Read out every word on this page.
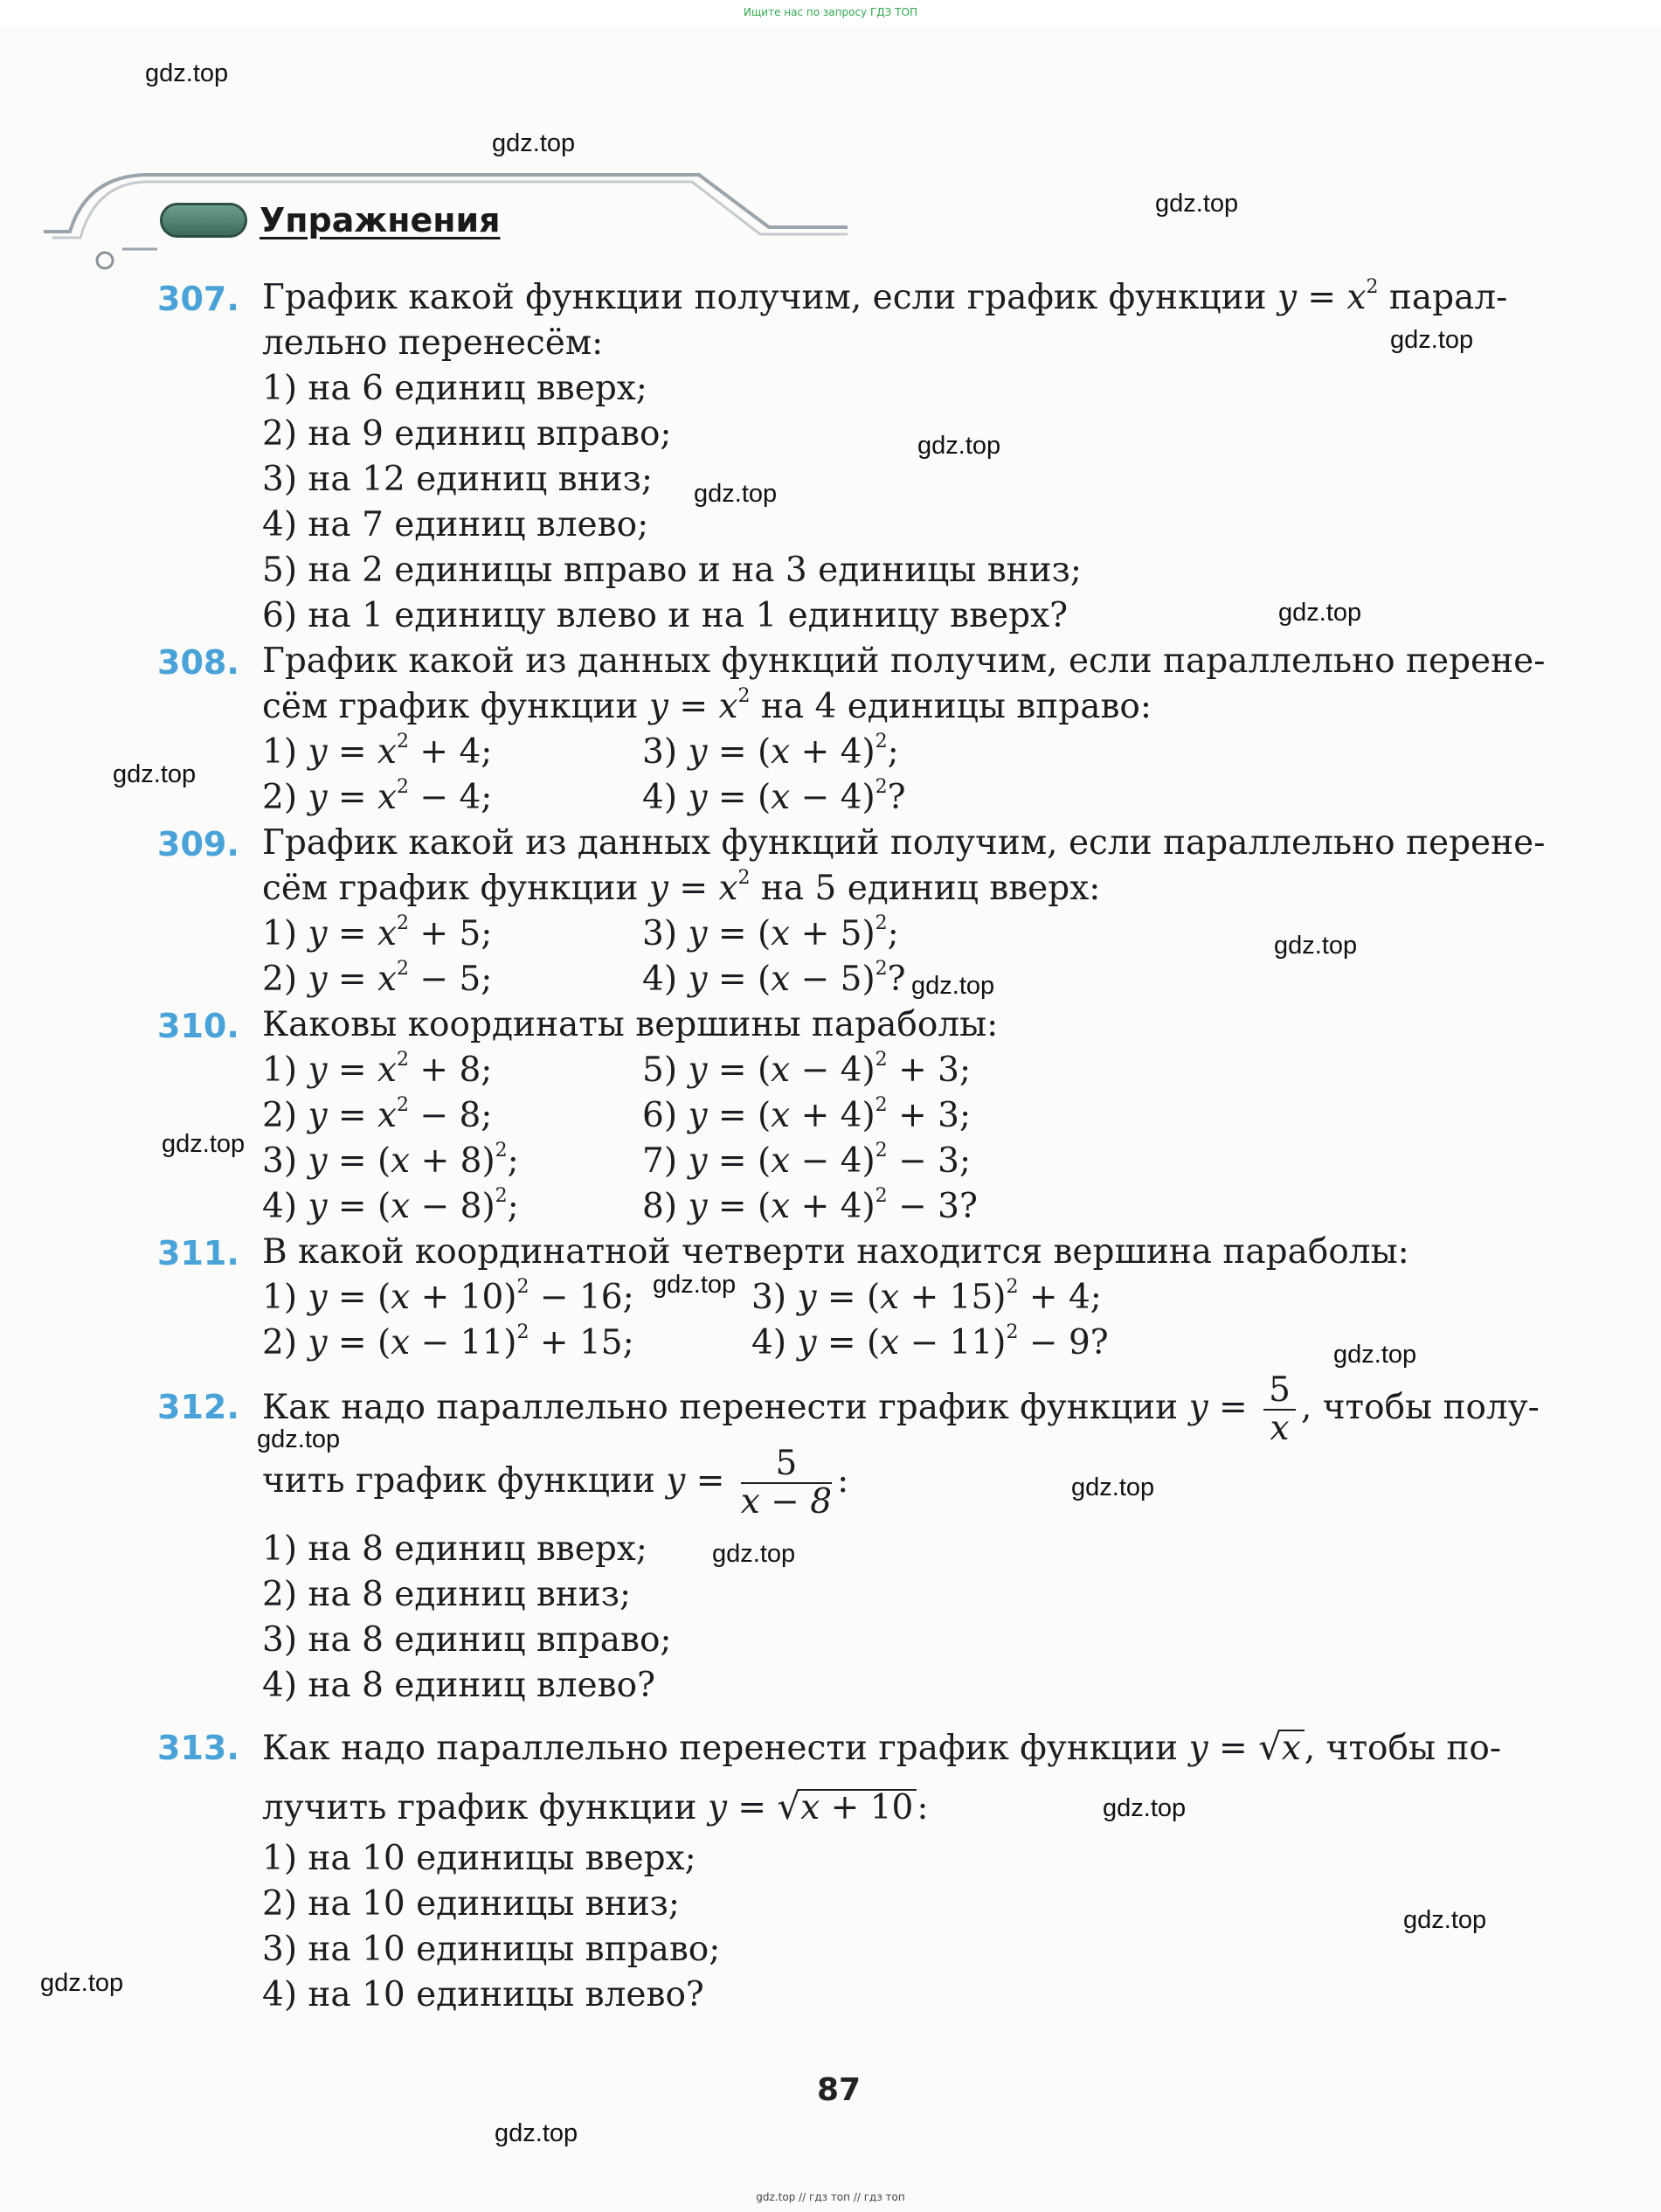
Ищите нас по запросу ГДЗ ТОП
Упражнения
307. График какой функции получим, если график функции $y = x^2$ парал-
лельно перенесём:
1) на 6 единиц вверх;
2) на 9 единиц вправо;
3) на 12 единиц вниз;
4) на 7 единиц влево;
5) на 2 единицы вправо и на 3 единицы вниз;
6) на 1 единицу влево и на 1 единицу вверх?
308. График какой из данных функций получим, если параллельно перене-
сём график функции $y = x^2$ на 4 единицы вправо:
1) $y = x^2 + 4$;	3) $y = (x + 4)^2$;
2) $y = x^2 - 4$;	4) $y = (x - 4)^2$?
309. График какой из данных функций получим, если параллельно перене-
сём график функции $y = x^2$ на 5 единиц вверх:
1) $y = x^2 + 5$;	3) $y = (x + 5)^2$;
2) $y = x^2 - 5$;	4) $y = (x - 5)^2$?
310. Каковы координаты вершины параболы:
1) $y = x^2 + 8$;	5) $y = (x - 4)^2 + 3$;
2) $y = x^2 - 8$;	6) $y = (x + 4)^2 + 3$;
3) $y = (x + 8)^2$;	7) $y = (x - 4)^2 - 3$;
4) $y = (x - 8)^2$;	8) $y = (x + 4)^2 - 3$?
311. В какой координатной четверти находится вершина параболы:
1) $y = (x + 10)^2 - 16$;	3) $y = (x + 15)^2 + 4$;
2) $y = (x - 11)^2 + 15$;	4) $y = (x - 11)^2 - 9$?
312. Как надо параллельно перенести график функции $y = \frac{5}{x}$ , чтобы полу-
чить график функции $y = \frac{5}{x - 8}$ :
1) на 8 единиц вверх;
2) на 8 единиц вниз;
3) на 8 единиц вправо;
4) на 8 единиц влево?
313. Как надо параллельно перенести график функции y = √x , чтобы по-
лучить график функции y = √x + 10 :
1) на 10 единицы вверх;
2) на 10 единицы вниз;
3) на 10 единицы вправо;
4) на 10 единицы влево?
87
gdz.top
gdz.top
gdz.top
gdz.top
gdz.top
gdz.top
gdz.top
gdz.top
gdz.top
gdz.top
gdz.top
gdz.top
gdz.top
gdz.top
gdz.top
gdz.top
gdz.top
gdz.top
gdz.top
gdz.top
gdz.top // гдз топ // гдз топ
